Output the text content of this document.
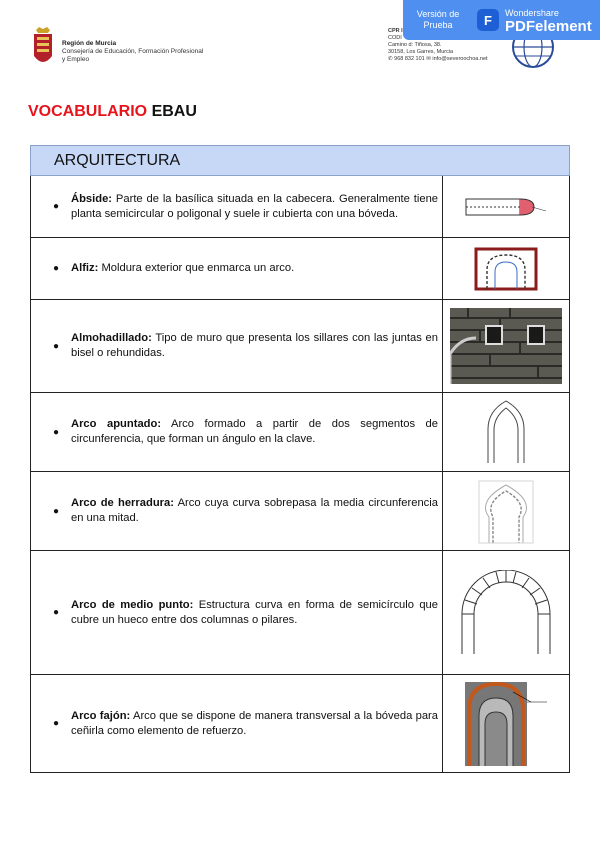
Región de Murcia
Consejería de Educación, Formación Profesional
y Empleo
CPR I
CODI
Camino d: Tiñosa, 38.
30158, Los Garres, Murcia
✆ 968 832 101 ✉ info@severoochoa.net
Versión de
Prueba	F	Wondershare
PDFelement
VOCABULARIO EBAU
ARQUITECTURA
●
Ábside: Parte de la basílica situada en la cabecera. Generalmente tiene planta semicircular o poligonal y suele ir cubierta con una bóveda.
●	Alfiz: Moldura exterior que enmarca un arco.
●
Almohadillado: Tipo de muro que presenta los sillares con las juntas en bisel o rehundidas.
●
Arco apuntado: Arco formado a partir de dos segmentos de circunferencia, que forman un ángulo en la clave.
●
Arco de herradura: Arco cuya curva sobrepasa la media circunferencia en una mitad.
●
Arco de medio punto: Estructura curva en forma de semicírculo que cubre un hueco entre dos columnas o pilares.
●
Arco fajón: Arco que se dispone de manera transversal a la bóveda para ceñirla como elemento de refuerzo.
